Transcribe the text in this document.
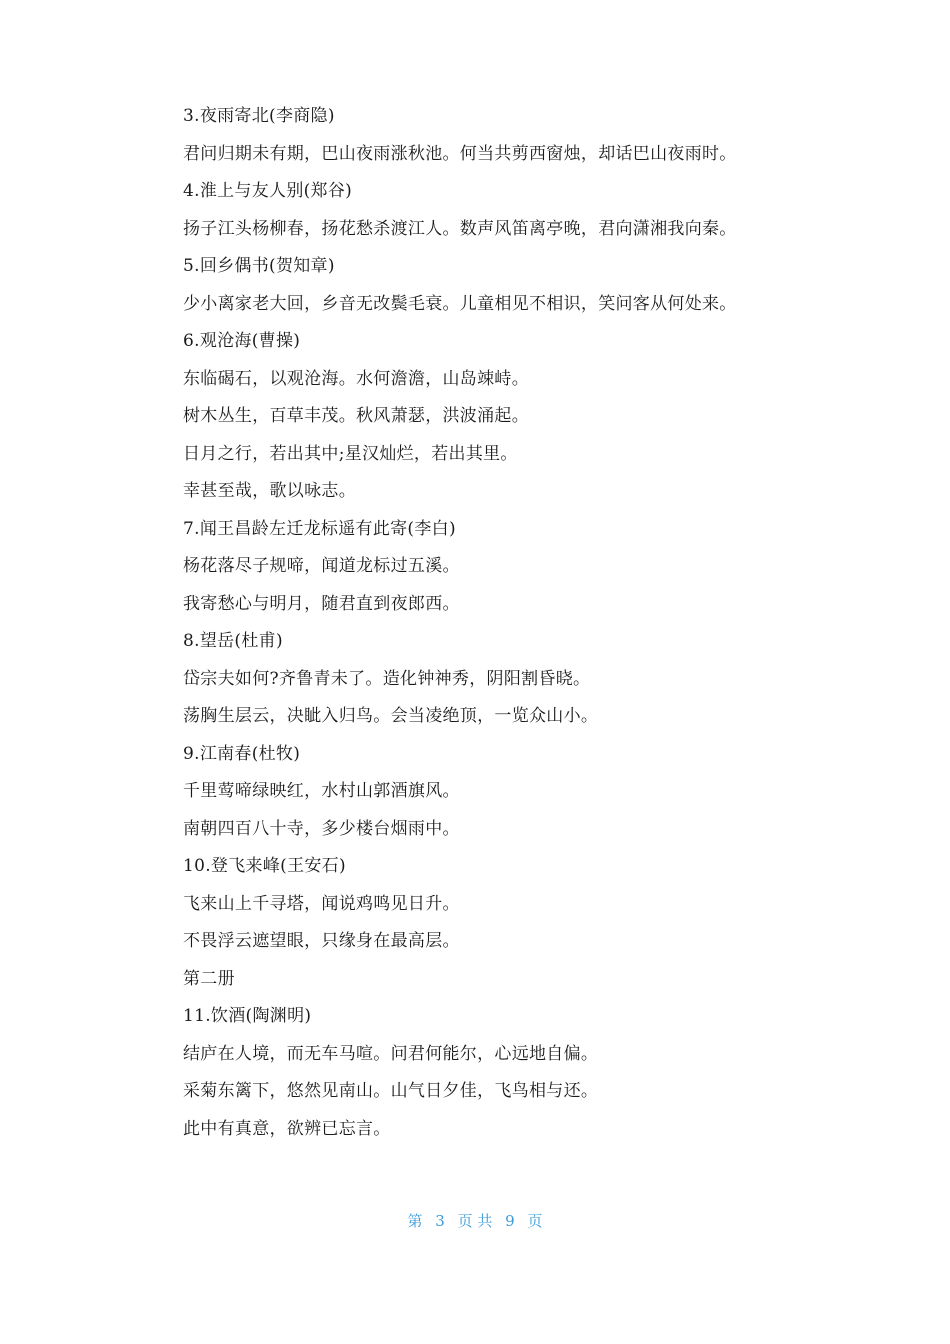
3.夜雨寄北(李商隐)
君问归期未有期，巴山夜雨涨秋池。何当共剪西窗烛，却话巴山夜雨时。
4.淮上与友人别(郑谷)
扬子江头杨柳春，扬花愁杀渡江人。数声风笛离亭晚，君向潇湘我向秦。
5.回乡偶书(贺知章)
少小离家老大回，乡音无改鬓毛衰。儿童相见不相识，笑问客从何处来。
6.观沧海(曹操)
东临碣石，以观沧海。水何澹澹，山岛竦峙。
树木丛生，百草丰茂。秋风萧瑟，洪波涌起。
日月之行，若出其中;星汉灿烂，若出其里。
幸甚至哉，歌以咏志。
7.闻王昌龄左迁龙标遥有此寄(李白)
杨花落尽子规啼，闻道龙标过五溪。
我寄愁心与明月，随君直到夜郎西。
8.望岳(杜甫)
岱宗夫如何?齐鲁青未了。造化钟神秀，阴阳割昏晓。
荡胸生层云，决眦入归鸟。会当凌绝顶，一览众山小。
9.江南春(杜牧)
千里莺啼绿映红，水村山郭酒旗风。
南朝四百八十寺，多少楼台烟雨中。
10.登飞来峰(王安石)
飞来山上千寻塔，闻说鸡鸣见日升。
不畏浮云遮望眼，只缘身在最高层。
第二册
11.饮酒(陶渊明)
结庐在人境，而无车马喧。问君何能尔，心远地自偏。
采菊东篱下，悠然见南山。山气日夕佳，飞鸟相与还。
此中有真意，欲辨已忘言。
第 3 页 共 9 页
